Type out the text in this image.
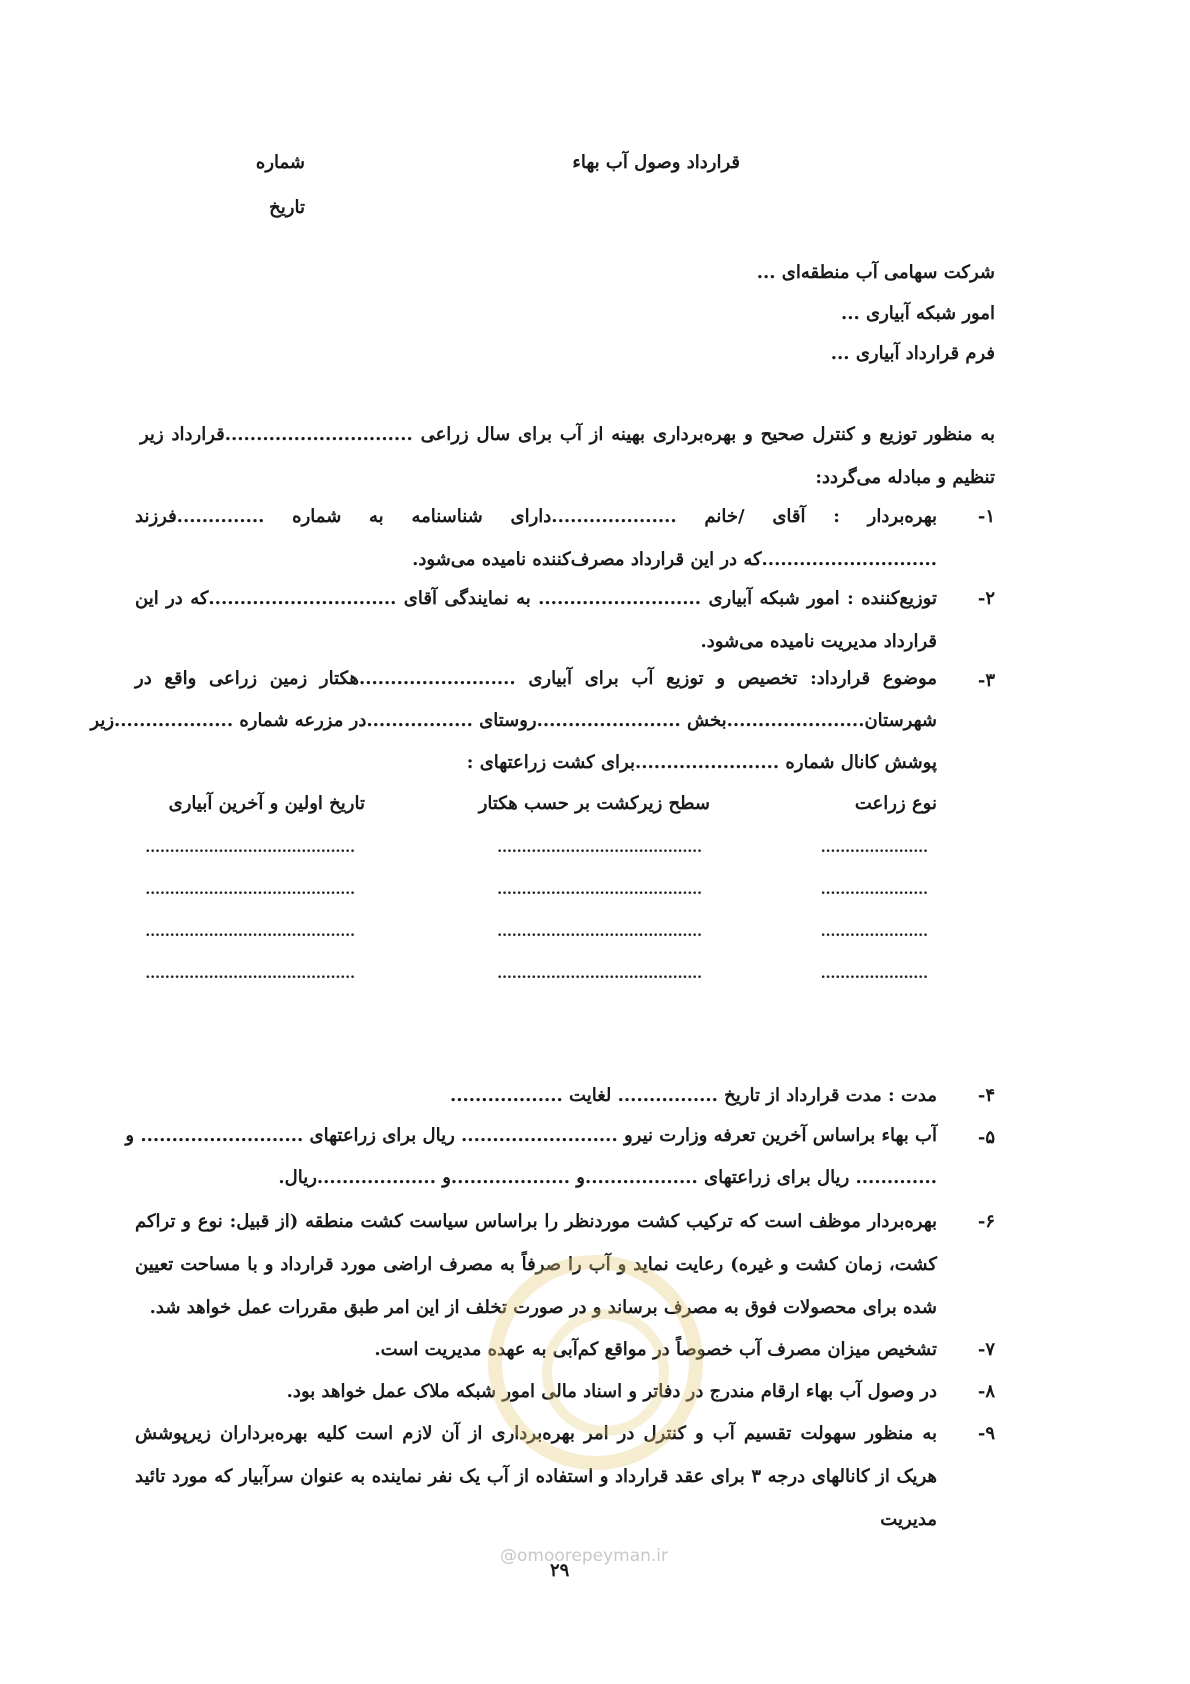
قرارداد وصول آب بهاء
شماره
تاریخ
شرکت سهامی آب منطقه‌ای ...
امور شبکه آبیاری ...
فرم قرارداد آبیاری ...
به منظور توزیع و کنترل صحیح و بهره‌برداری بهینه از آب برای سال زراعی ..............................قرارداد زیر تنظیم و مبادله می‌گردد:
۱-
بهره‌بردار : آقای /خانم ....................دارای شناسنامه به شماره ..............فرزند ............................که در این قرارداد مصرف‌کننده نامیده می‌شود.
۲-
توزیع‌کننده : امور شبکه آبیاری .......................... به نمایندگی آقای ..............................که در این قرارداد مدیریت نامیده می‌شود.
۳-
موضوع قرارداد: تخصیص و توزیع آب برای آبیاری .........................هکتار زمین زراعی واقع در
شهرستان......................بخش .......................روستای .................در مزرعه شماره ...................زیر
پوشش کانال شماره .......................برای کشت زراعتهای :
نوع زراعت
سطح زیرکشت بر حسب هکتار
تاریخ اولین و آخرین آبیاری
......................
..........................................
...........................................
......................
..........................................
...........................................
......................
..........................................
...........................................
......................
..........................................
...........................................
۴-
مدت : مدت قرارداد از تاریخ ................ لغایت ..................
۵-
آب بهاء براساس آخرین تعرفه وزارت نیرو ......................... ریال برای زراعتهای .......................... و
............. ریال برای زراعتهای ..................و ...................و ...................ریال.
۶-
بهره‌بردار موظف است که ترکیب کشت موردنظر را براساس سیاست کشت منطقه (از قبیل: نوع و تراکم کشت، زمان کشت و غیره) رعایت نماید و آب را صرفاً به مصرف اراضی مورد قرارداد و با مساحت تعیین شده برای محصولات فوق به مصرف برساند و در صورت تخلف از این امر طبق مقررات عمل خواهد شد.
۷-
تشخیص میزان مصرف آب خصوصاً در مواقع کم‌آبی به عهده مدیریت است.
۸-
در وصول آب بهاء ارقام مندرج در دفاتر و اسناد مالی امور شبکه ملاک عمل خواهد بود.
۹-
به منظور سهولت تقسیم آب و کنترل در امر بهره‌برداری از آن لازم است کلیه بهره‌برداران زیرپوشش هریک از کانالهای درجه ۳ برای عقد قرارداد و استفاده از آب یک نفر نماینده به عنوان سرآبیار که مورد تائید مدیریت
@omoorepeyman.ir
۲۹
